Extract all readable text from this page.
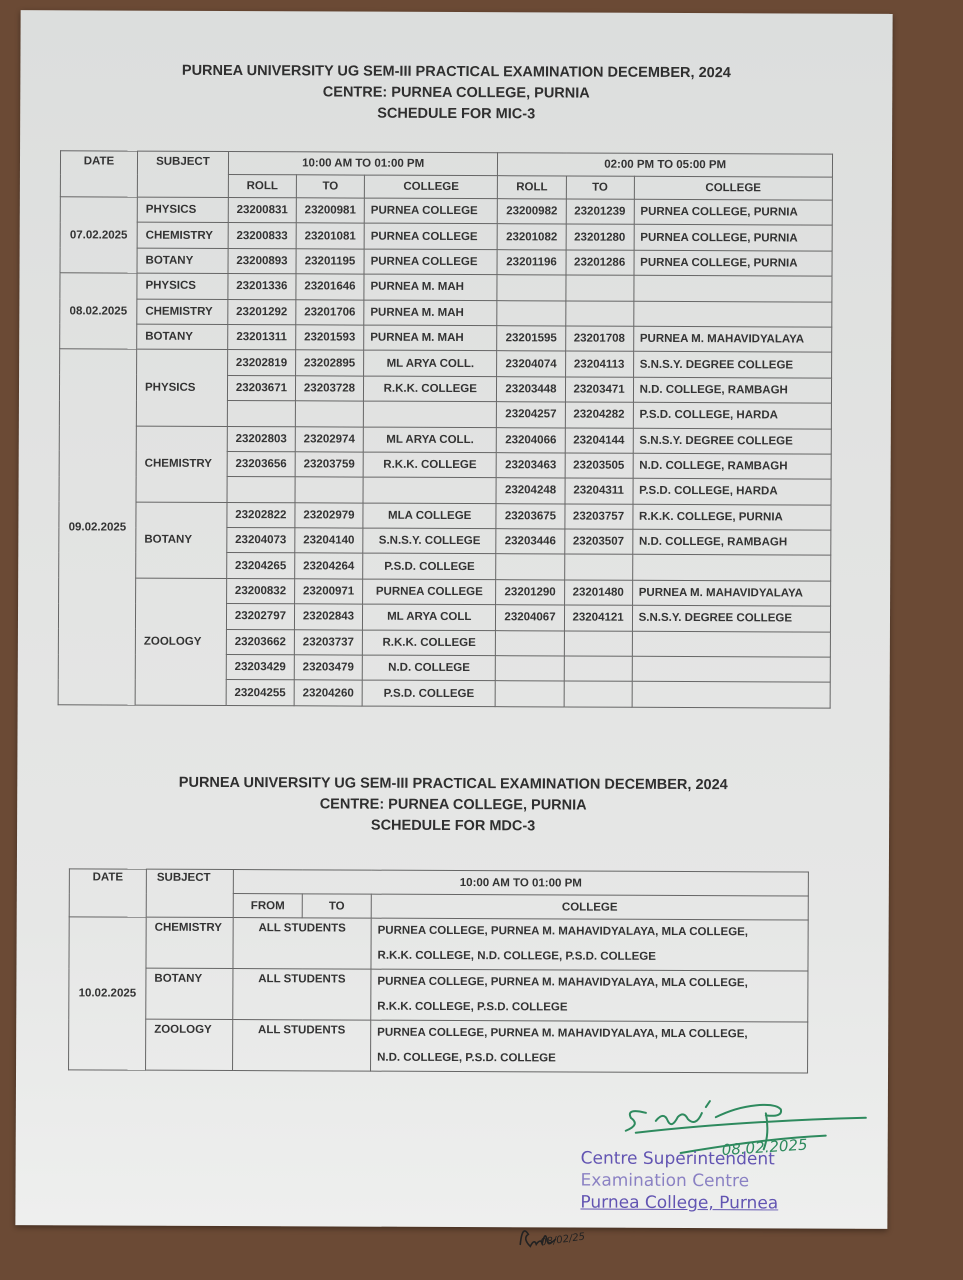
PURNEA UNIVERSITY UG SEM-III PRACTICAL EXAMINATION DECEMBER, 2024
CENTRE: PURNEA COLLEGE, PURNIA
SCHEDULE FOR MIC-3
DATE	SUBJECT	10:00 AM TO 01:00 PM			02:00 PM TO 05:00 PM		
		ROLL	TO	COLLEGE	ROLL	TO	COLLEGE
07.02.2025	PHYSICS	23200831	23200981	PURNEA COLLEGE	23200982	23201239	PURNEA COLLEGE, PURNIA
	CHEMISTRY	23200833	23201081	PURNEA COLLEGE	23201082	23201280	PURNEA COLLEGE, PURNIA
	BOTANY	23200893	23201195	PURNEA COLLEGE	23201196	23201286	PURNEA COLLEGE, PURNIA
08.02.2025	PHYSICS	23201336	23201646	PURNEA M. MAH			
	CHEMISTRY	23201292	23201706	PURNEA M. MAH			
	BOTANY	23201311	23201593	PURNEA M. MAH	23201595	23201708	PURNEA M. MAHAVIDYALAYA
09.02.2025	PHYSICS	23202819	23202895	ML ARYA COLL.	23204074	23204113	S.N.S.Y. DEGREE COLLEGE
		23203671	23203728	R.K.K. COLLEGE	23203448	23203471	N.D. COLLEGE, RAMBAGH
					23204257	23204282	P.S.D. COLLEGE, HARDA
	CHEMISTRY	23202803	23202974	ML ARYA COLL.	23204066	23204144	S.N.S.Y. DEGREE COLLEGE
		23203656	23203759	R.K.K. COLLEGE	23203463	23203505	N.D. COLLEGE, RAMBAGH
					23204248	23204311	P.S.D. COLLEGE, HARDA
	BOTANY	23202822	23202979	MLA COLLEGE	23203675	23203757	R.K.K. COLLEGE, PURNIA
		23204073	23204140	S.N.S.Y. COLLEGE	23203446	23203507	N.D. COLLEGE, RAMBAGH
		23204265	23204264	P.S.D. COLLEGE			
	ZOOLOGY	23200832	23200971	PURNEA COLLEGE	23201290	23201480	PURNEA M. MAHAVIDYALAYA
		23202797	23202843	ML ARYA COLL	23204067	23204121	S.N.S.Y. DEGREE COLLEGE
		23203662	23203737	R.K.K. COLLEGE			
		23203429	23203479	N.D. COLLEGE			
		23204255	23204260	P.S.D. COLLEGE			
PURNEA UNIVERSITY UG SEM-III PRACTICAL EXAMINATION DECEMBER, 2024
CENTRE: PURNEA COLLEGE, PURNIA
SCHEDULE FOR MDC-3
DATE	SUBJECT	10:00 AM TO 01:00 PM		
		FROM	TO	COLLEGE
10.02.2025	CHEMISTRY	ALL STUDENTS		PURNEA COLLEGE, PURNEA M. MAHAVIDYALAYA, MLA COLLEGE,
R.K.K. COLLEGE, N.D. COLLEGE, P.S.D. COLLEGE

	BOTANY	ALL STUDENTS		PURNEA COLLEGE, PURNEA M. MAHAVIDYALAYA, MLA COLLEGE,
R.K.K. COLLEGE, P.S.D. COLLEGE

	ZOOLOGY	ALL STUDENTS		PURNEA COLLEGE, PURNEA M. MAHAVIDYALAYA, MLA COLLEGE,
N.D. COLLEGE, P.S.D. COLLEGE
08.02.2025
Centre Superintendent
Examination Centre
Purnea College, Purnea
08/02/25
